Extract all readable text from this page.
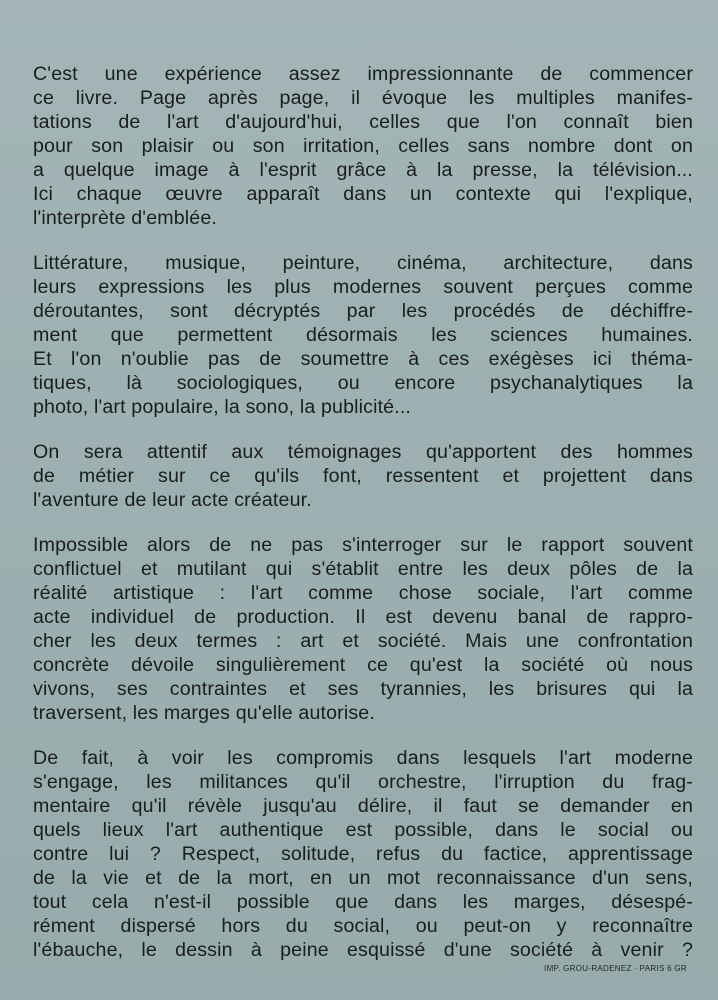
C'est une expérience assez impressionnante de commencer
ce livre. Page après page, il évoque les multiples manifes-
tations de l'art d'aujourd'hui, celles que l'on connaît bien
pour son plaisir ou son irritation, celles sans nombre dont on
a quelque image à l'esprit grâce à la presse, la télévision...
Ici chaque œuvre apparaît dans un contexte qui l'explique,
l'interprète d'emblée.

Littérature, musique, peinture, cinéma, architecture, dans
leurs expressions les plus modernes souvent perçues comme
déroutantes, sont décryptés par les procédés de déchiffre-
ment que permettent désormais les sciences humaines.
Et l'on n'oublie pas de soumettre à ces exégèses ici théma-
tiques, là sociologiques, ou encore psychanalytiques la
photo, l'art populaire, la sono, la publicité...

On sera attentif aux témoignages qu'apportent des hommes
de métier sur ce qu'ils font, ressentent et projettent dans
l'aventure de leur acte créateur.

Impossible alors de ne pas s'interroger sur le rapport souvent
conflictuel et mutilant qui s'établit entre les deux pôles de la
réalité artistique : l'art comme chose sociale, l'art comme
acte individuel de production. Il est devenu banal de rappro-
cher les deux termes : art et société. Mais une confrontation
concrète dévoile singulièrement ce qu'est la société où nous
vivons, ses contraintes et ses tyrannies, les brisures qui la
traversent, les marges qu'elle autorise.

De fait, à voir les compromis dans lesquels l'art moderne
s'engage, les militances qu'il orchestre, l'irruption du frag-
mentaire qu'il révèle jusqu'au délire, il faut se demander en
quels lieux l'art authentique est possible, dans le social ou
contre lui ? Respect, solitude, refus du factice, apprentissage
de la vie et de la mort, en un mot reconnaissance d'un sens,
tout cela n'est-il possible que dans les marges, désespé-
rément dispersé hors du social, ou peut-on y reconnaître
l'ébauche, le dessin à peine esquissé d'une société à venir ?

IMP. GROU-RADENEZ · PARIS 6 GR
